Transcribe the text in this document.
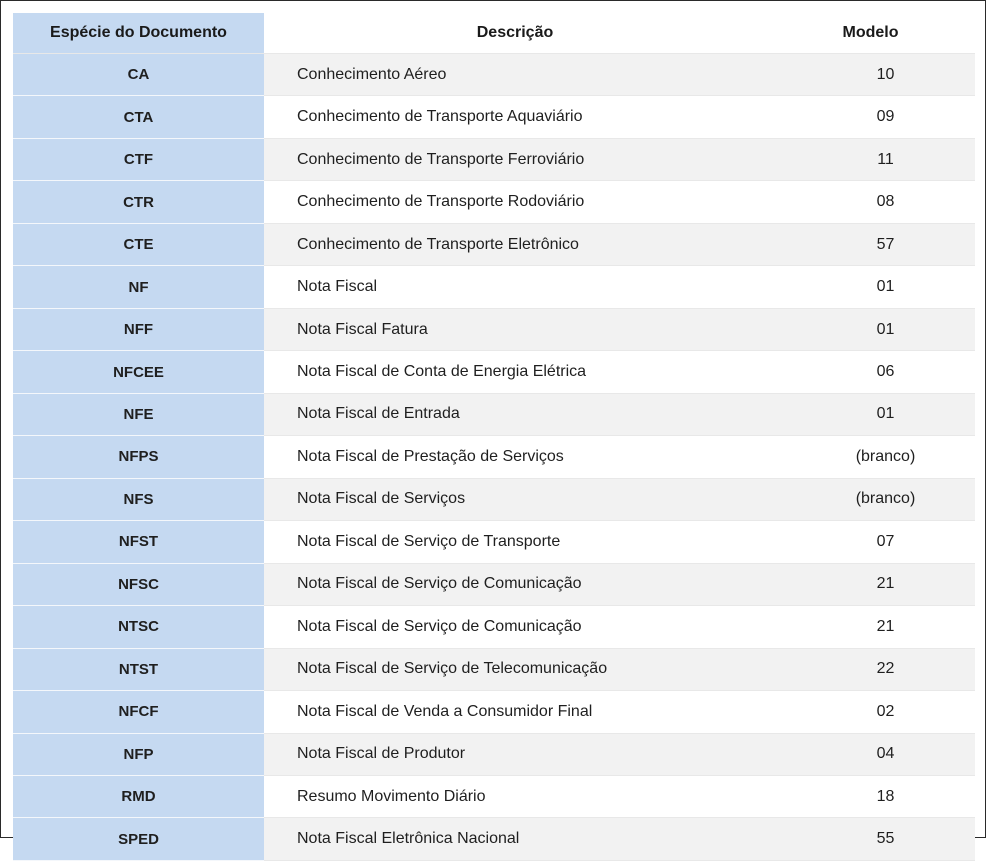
Espécie do Documento	Descrição	Modelo
CA	Conhecimento Aéreo	10
CTA	Conhecimento de Transporte Aquaviário	09
CTF	Conhecimento de Transporte Ferroviário	11
CTR	Conhecimento de Transporte Rodoviário	08
CTE	Conhecimento de Transporte Eletrônico	57
NF	Nota Fiscal	01
NFF	Nota Fiscal Fatura	01
NFCEE	Nota Fiscal de Conta de Energia Elétrica	06
NFE	Nota Fiscal de Entrada	01
NFPS	Nota Fiscal de Prestação de Serviços	(branco)
NFS	Nota Fiscal de Serviços	(branco)
NFST	Nota Fiscal de Serviço de Transporte	07
NFSC	Nota Fiscal de Serviço de Comunicação	21
NTSC	Nota Fiscal de Serviço de Comunicação	21
NTST	Nota Fiscal de Serviço de Telecomunicação	22
NFCF	Nota Fiscal de Venda a Consumidor Final	02
NFP	Nota Fiscal de Produtor	04
RMD	Resumo Movimento Diário	18
SPED	Nota Fiscal Eletrônica Nacional	55
